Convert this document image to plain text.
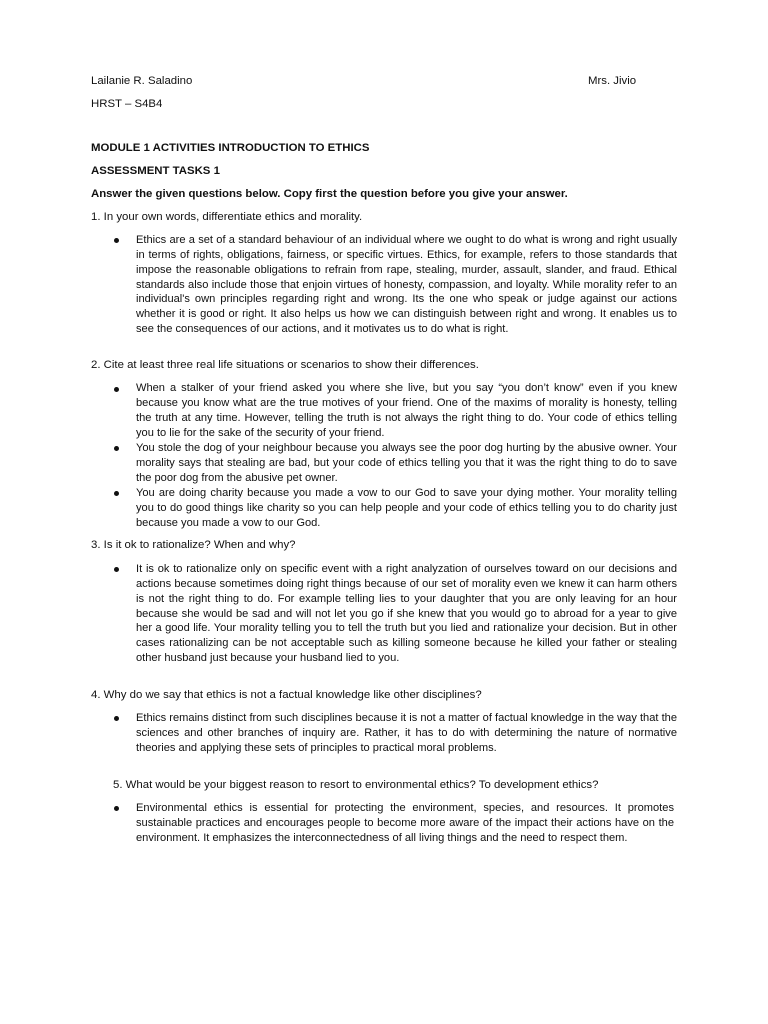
Lailanie R. Saladino	Mrs. Jivio

HRST – S4B4

MODULE 1 ACTIVITIES INTRODUCTION TO ETHICS

ASSESSMENT TASKS 1

Answer the given questions below. Copy first the question before you give your answer.

1. In your own words, differentiate ethics and morality.

Ethics are a set of a standard behaviour of an individual where we ought to do what is wrong and right usually in terms of rights, obligations, fairness, or specific virtues. Ethics, for example, refers to those standards that impose the reasonable obligations to refrain from rape, stealing, murder, assault, slander, and fraud. Ethical standards also include those that enjoin virtues of honesty, compassion, and loyalty. While morality refer to an individual's own principles regarding right and wrong. Its the one who speak or judge against our actions whether it is good or right. It also helps us how we can distinguish between right and wrong. It enables us to see the consequences of our actions, and it motivates us to do what is right.

2. Cite at least three real life situations or scenarios to show their differences.

When a stalker of your friend asked you where she live, but you say “you don’t know” even if you knew because you know what are the true motives of your friend. One of the maxims of morality is honesty, telling the truth at any time. However, telling the truth is not always the right thing to do. Your code of ethics telling you to lie for the sake of the security of your friend.

You stole the dog of your neighbour because you always see the poor dog hurting by the abusive owner. Your morality says that stealing are bad, but your code of ethics telling you that it was the right thing to do to save the poor dog from the abusive pet owner.

You are doing charity because you made a vow to our God to save your dying mother. Your morality telling you to do good things like charity so you can help people and your code of ethics telling you to do charity just because you made a vow to our God.

3. Is it ok to rationalize? When and why?

It is ok to rationalize only on specific event with a right analyzation of ourselves toward on our decisions and actions because sometimes doing right things because of our set of morality even we knew it can harm others is not the right thing to do. For example telling lies to your daughter that you are only leaving for an hour because she would be sad and will not let you go if she knew that you would go to abroad for a year to give her a good life. Your morality telling you to tell the truth but you lied and rationalize your decision. But in other cases rationalizing can be not acceptable such as killing someone because he killed your father or stealing other husband just because your husband lied to you.

4. Why do we say that ethics is not a factual knowledge like other disciplines?

Ethics remains distinct from such disciplines because it is not a matter of factual knowledge in the way that the sciences and other branches of inquiry are. Rather, it has to do with determining the nature of normative theories and applying these sets of principles to practical moral problems.

5. What would be your biggest reason to resort to environmental ethics? To development ethics?

Environmental ethics is essential for protecting the environment, species, and resources. It promotes sustainable practices and encourages people to become more aware of the impact their actions have on the environment. It emphasizes the interconnectedness of all living things and the need to respect them.
